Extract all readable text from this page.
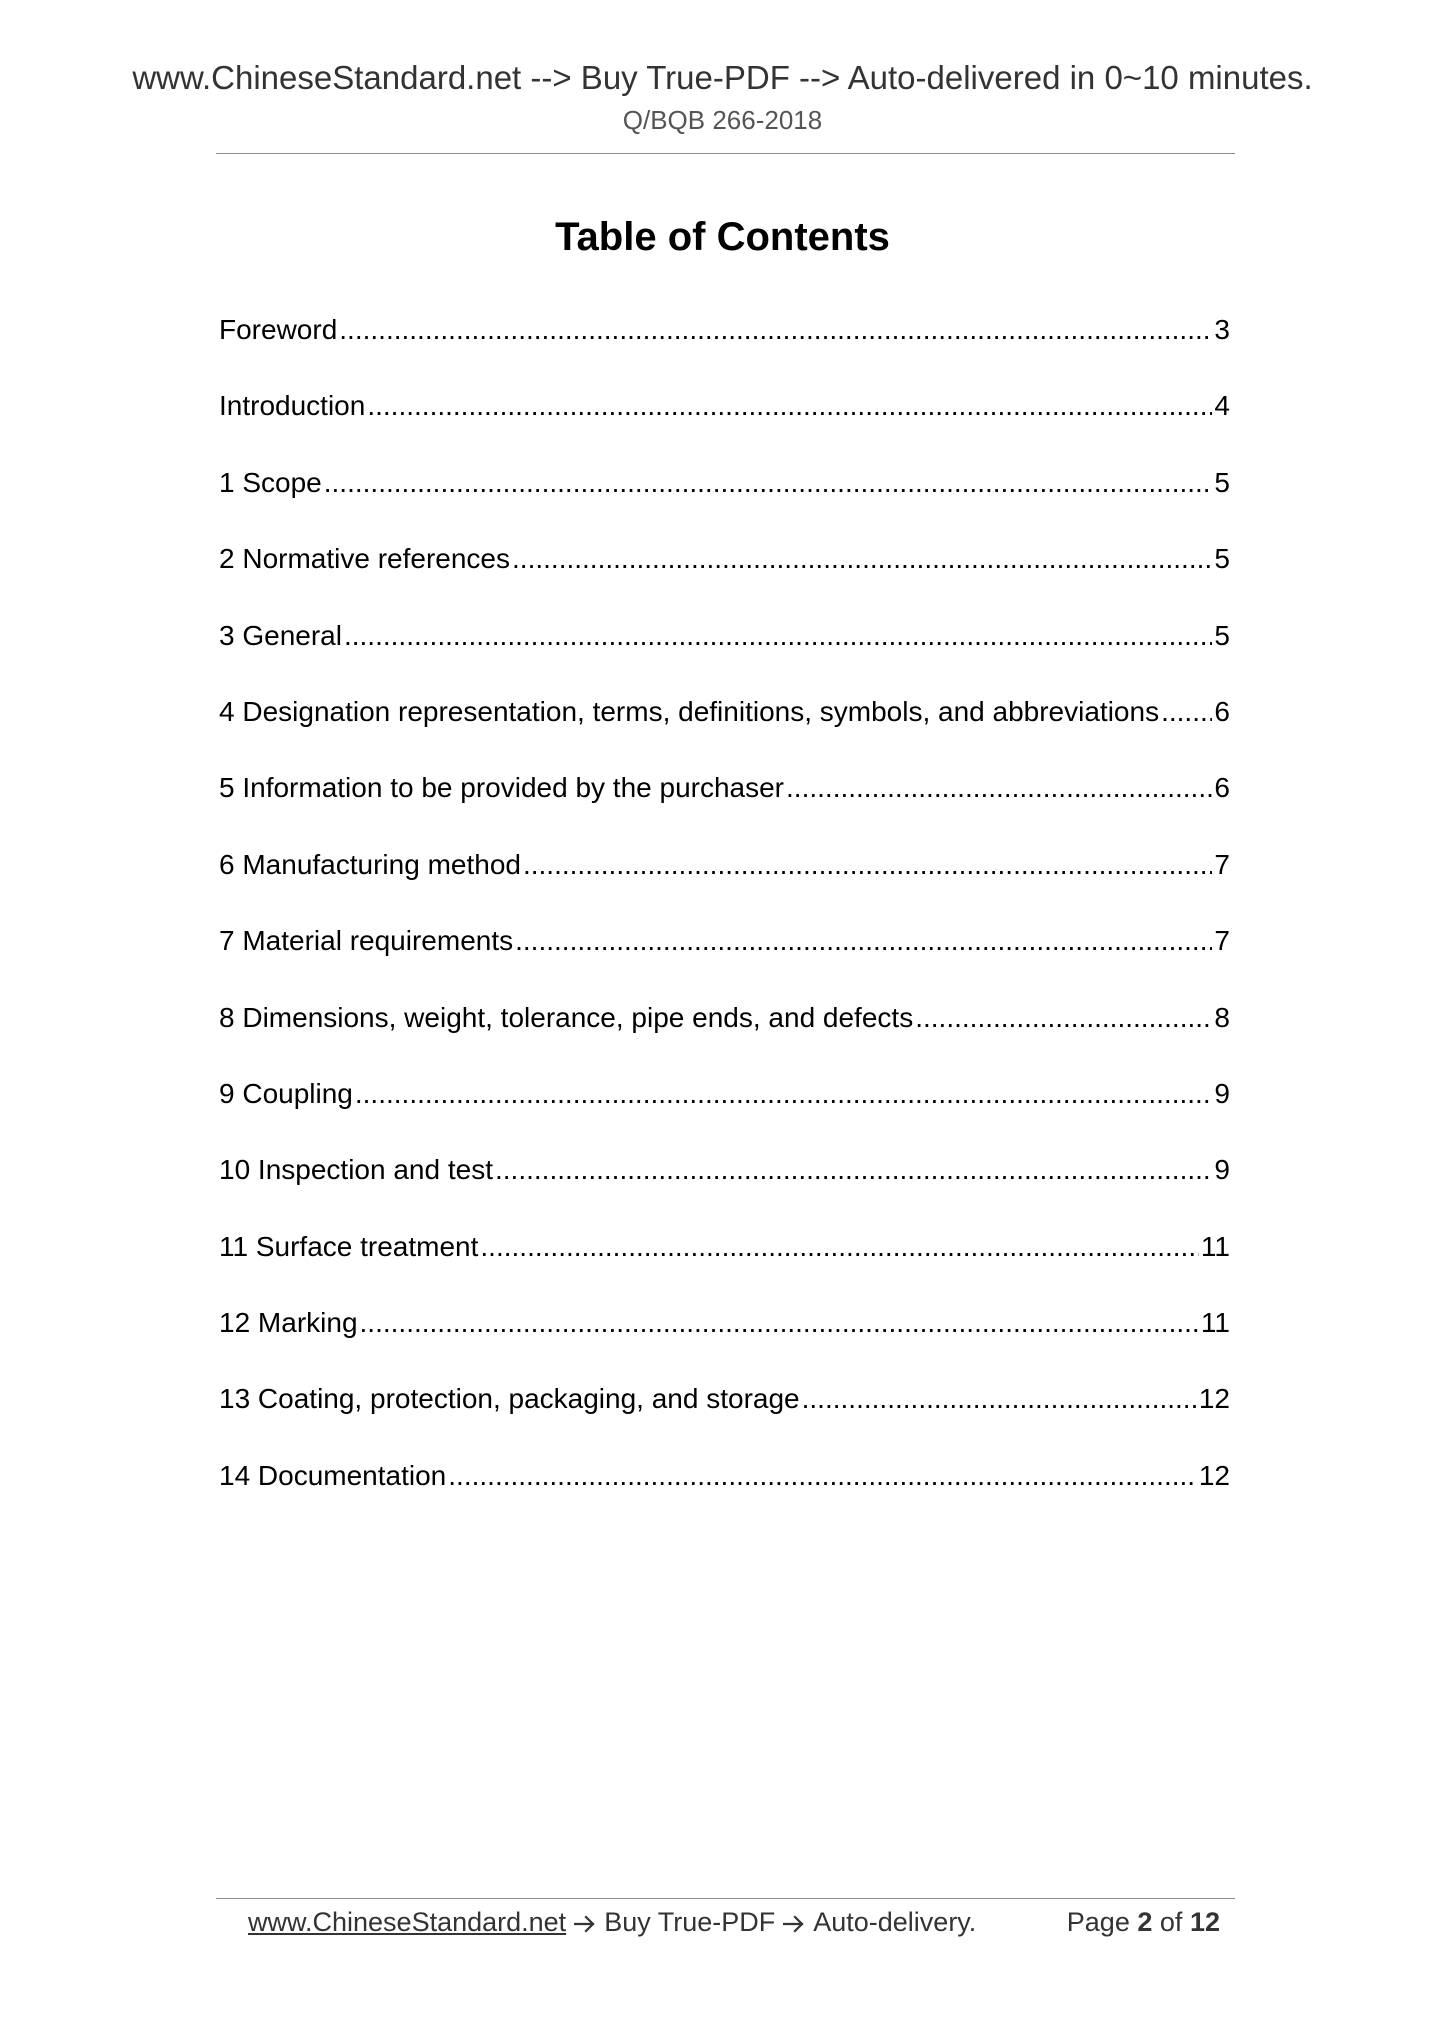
www.ChineseStandard.net --> Buy True-PDF --> Auto-delivered in 0~10 minutes.
Q/BQB 266-2018
Table of Contents
Foreword .....	3
Introduction .....	4
1 Scope .....	5
2 Normative references .....	5
3 General .....	5
4 Designation representation, terms, definitions, symbols, and abbreviations ..... 6
5 Information to be provided by the purchaser .....	6
6 Manufacturing method .....	7
7 Material requirements .....	7
8 Dimensions, weight, tolerance, pipe ends, and defects .....	8
9 Coupling .....	9
10 Inspection and test .....	9
11 Surface treatment .....	11
12 Marking .....	11
13 Coating, protection, packaging, and storage .....	12
14 Documentation .....	12
www.ChineseStandard.net Buy True-PDF Auto-delivery.	Page 2 of 12
